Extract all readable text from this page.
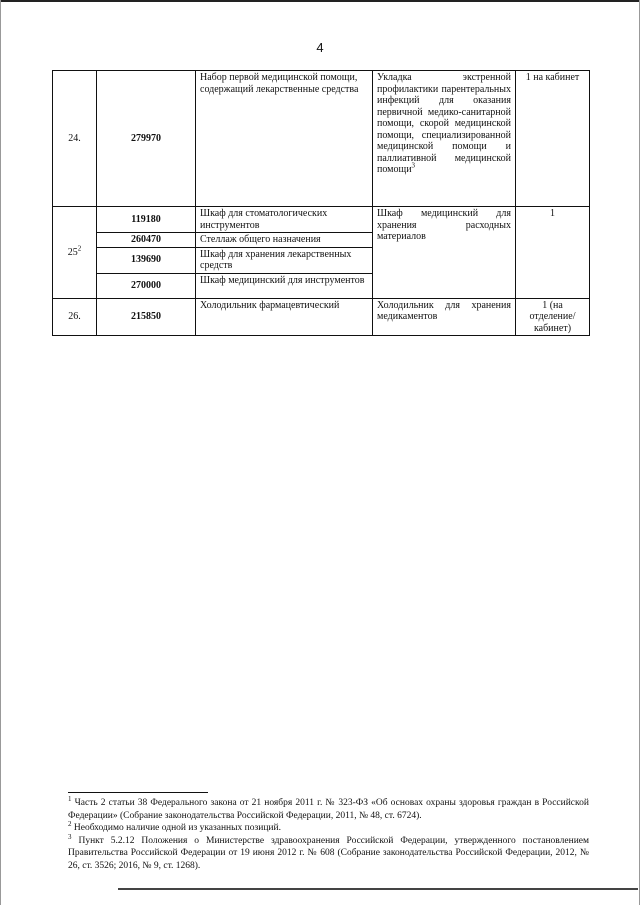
4
24.	279970	Набор первой медицинской помощи, содержащий лекарственные средства	Укладка экстренной профилактики парентеральных инфекций для оказания первичной медико-санитарной помощи, скорой медицинской помощи, специализированной медицинской помощи и паллиативной медицинской помощи$^3$	1 на кабинет
$25^2$	119180	Шкаф для стоматологических инструментов	Шкаф медицинский для хранения расходных материалов	1
	260470	Стеллаж общего назначения		
	139690	Шкаф для хранения лекарственных средств		
	270000	Шкаф медицинский для инструментов		
26.	215850	Холодильник фармацевтический	Холодильник для хранения медикаментов	1 (на отделение/ кабинет)

$^1$ Часть 2 статьи 38 Федерального закона от 21 ноября 2011 г. № 323-ФЗ «Об основах охраны здоровья граждан в Российской Федерации» (Собрание законодательства Российской Федерации, 2011, № 48, ст. 6724).

$^2$ Необходимо наличие одной из указанных позиций.

$^3$ Пункт 5.2.12 Положения о Министерстве здравоохранения Российской Федерации, утвержденного постановлением Правительства Российской Федерации от 19 июня 2012 г. № 608 (Собрание законодательства Российской Федерации, 2012, № 26, ст. 3526; 2016, № 9, ст. 1268).
